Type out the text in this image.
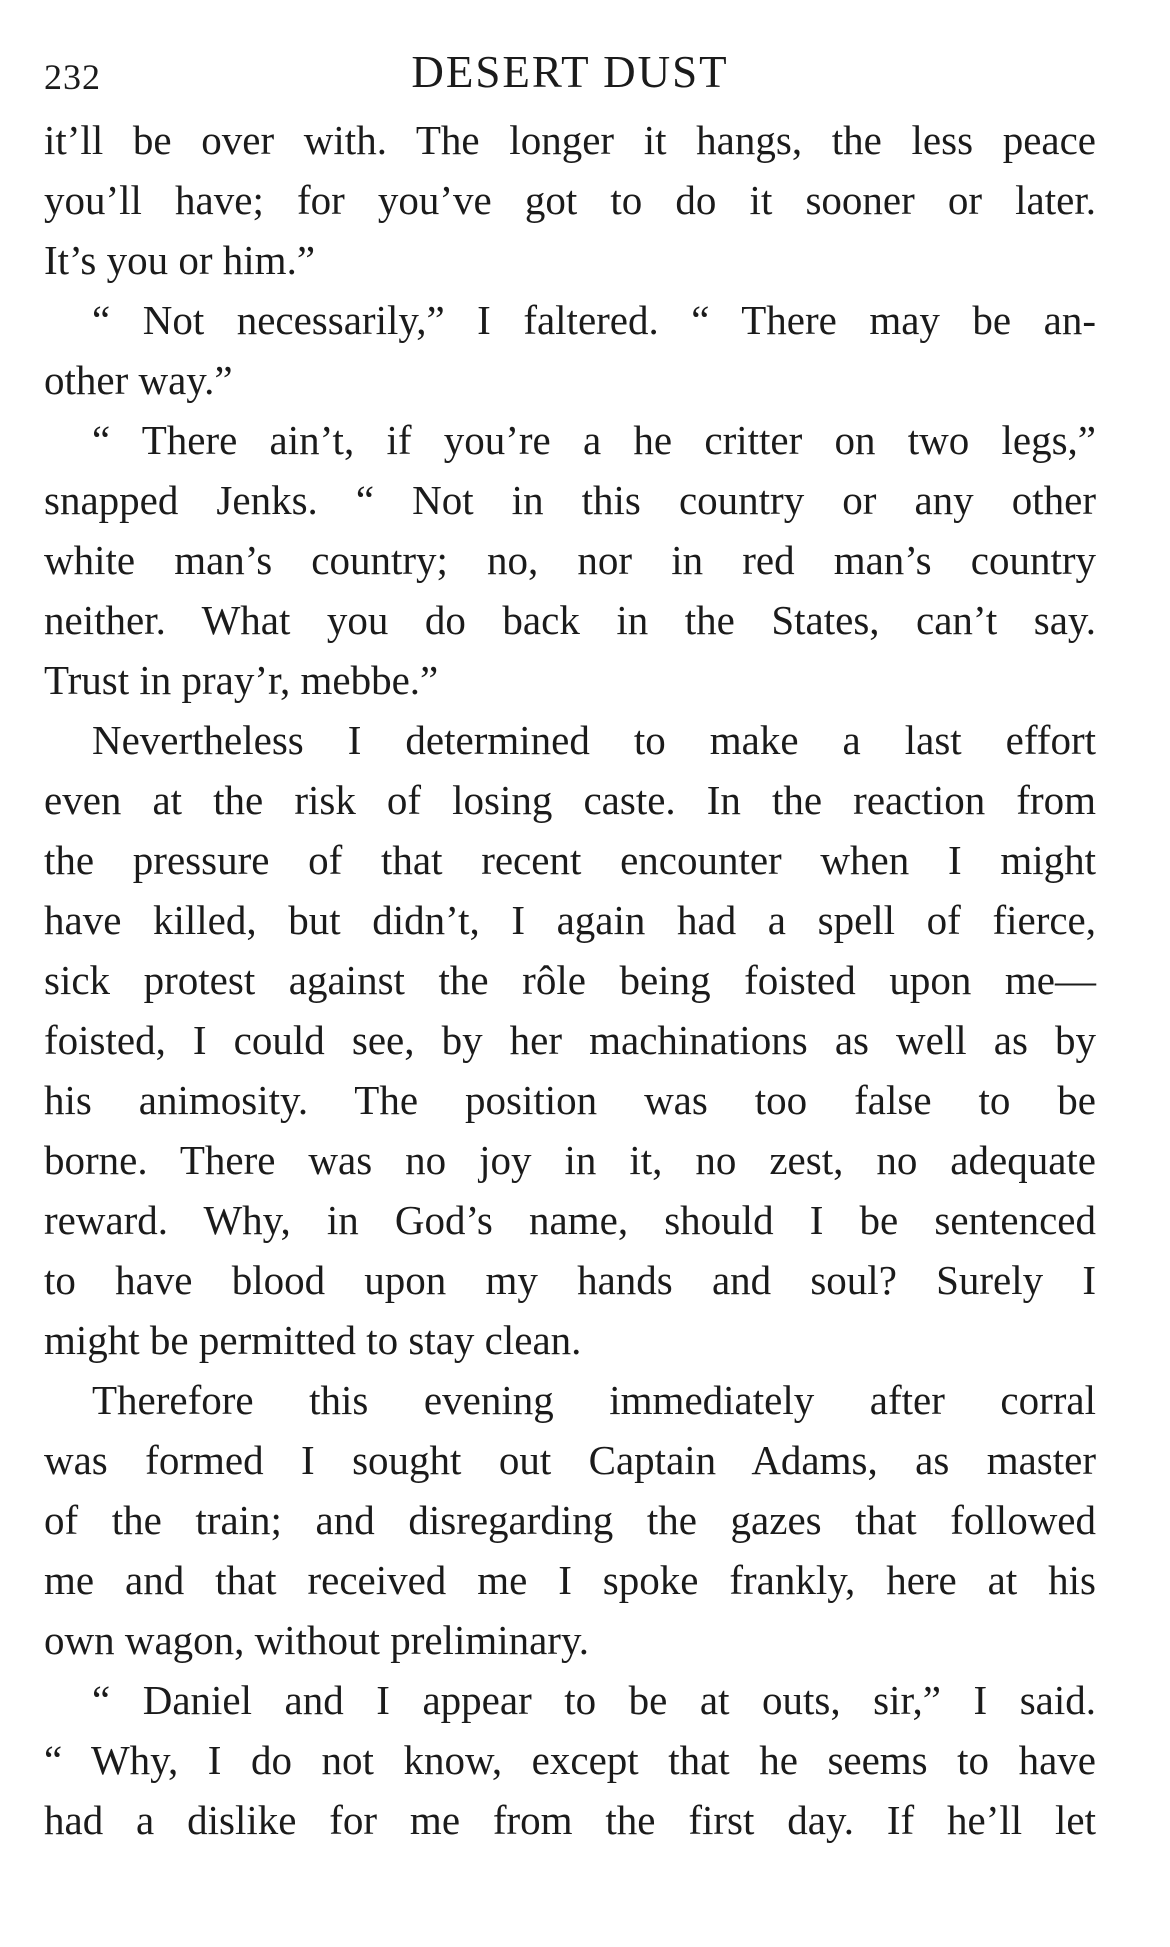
232	DESERT DUST
it’ll be over with. The longer it hangs, the less peace
you’ll have; for you’ve got to do it sooner or later.
It’s you or him.”
“ Not necessarily,” I faltered. “ There may be an-
other way.”
“ There ain’t, if you’re a he critter on two legs,”
snapped Jenks. “ Not in this country or any other
white man’s country; no, nor in red man’s country
neither. What you do back in the States, can’t say.
Trust in pray’r, mebbe.”
Nevertheless I determined to make a last effort
even at the risk of losing caste. In the reaction from
the pressure of that recent encounter when I might
have killed, but didn’t, I again had a spell of fierce,
sick protest against the rôle being foisted upon me—
foisted, I could see, by her machinations as well as by
his animosity. The position was too false to be
borne. There was no joy in it, no zest, no adequate
reward. Why, in God’s name, should I be sentenced
to have blood upon my hands and soul? Surely I
might be permitted to stay clean.
Therefore this evening immediately after corral
was formed I sought out Captain Adams, as master
of the train; and disregarding the gazes that followed
me and that received me I spoke frankly, here at his
own wagon, without preliminary.
“ Daniel and I appear to be at outs, sir,” I said.
“ Why, I do not know, except that he seems to have
had a dislike for me from the first day. If he’ll let
